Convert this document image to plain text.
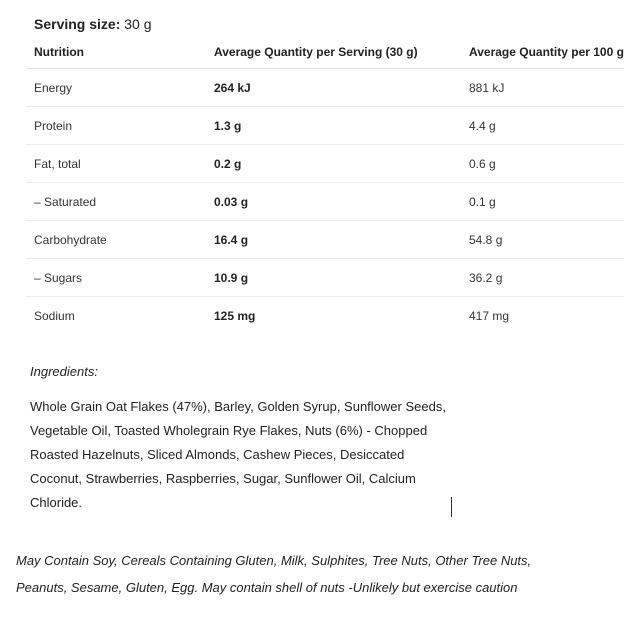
Serving size: 30 g
Nutrition	Average Quantity per Serving (30 g)	Average Quantity per 100 g
Energy	264 kJ	881 kJ
Protein	1.3 g	4.4 g
Fat, total	0.2 g	0.6 g
– Saturated	0.03 g	0.1 g
Carbohydrate	16.4 g	54.8 g
– Sugars	10.9 g	36.2 g
Sodium	125 mg	417 mg
Ingredients:
Whole Grain Oat Flakes (47%), Barley, Golden Syrup, Sunflower Seeds, Vegetable Oil, Toasted Wholegrain Rye Flakes, Nuts (6%) - Chopped Roasted Hazelnuts, Sliced Almonds, Cashew Pieces, Desiccated Coconut, Strawberries, Raspberries, Sugar, Sunflower Oil, Calcium Chloride.
May Contain Soy, Cereals Containing Gluten, Milk, Sulphites, Tree Nuts, Other Tree Nuts, Peanuts, Sesame, Gluten, Egg. May contain shell of nuts -Unlikely but exercise caution
